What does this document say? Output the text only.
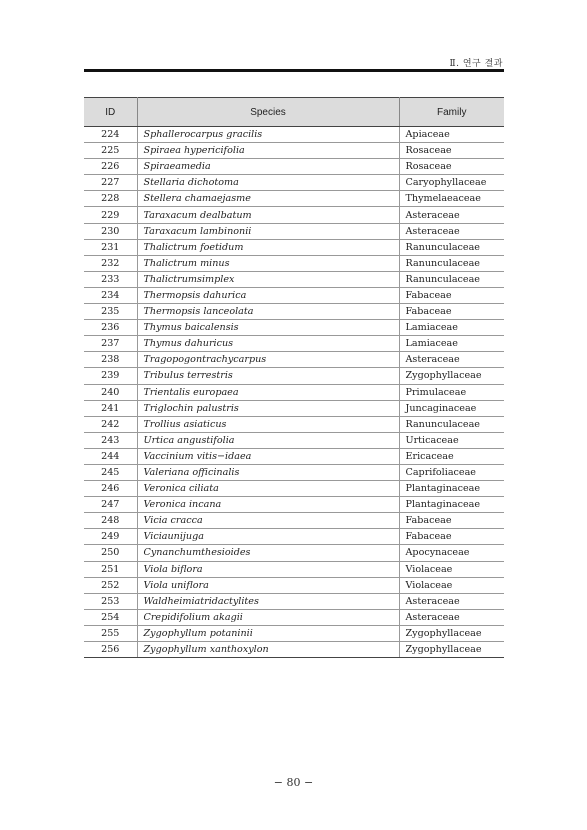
Ⅱ. 연구 결과
ID	Species	Family
224	Sphallerocarpus gracilis	Apiaceae
225	Spiraea hypericifolia	Rosaceae
226	Spiraeamedia	Rosaceae
227	Stellaria dichotoma	Caryophyllaceae
228	Stellera chamaejasme	Thymelaeaceae
229	Taraxacum dealbatum	Asteraceae
230	Taraxacum lambinonii	Asteraceae
231	Thalictrum foetidum	Ranunculaceae
232	Thalictrum minus	Ranunculaceae
233	Thalictrumsimplex	Ranunculaceae
234	Thermopsis dahurica	Fabaceae
235	Thermopsis lanceolata	Fabaceae
236	Thymus baicalensis	Lamiaceae
237	Thymus dahuricus	Lamiaceae
238	Tragopogontrachycarpus	Asteraceae
239	Tribulus terrestris	Zygophyllaceae
240	Trientalis europaea	Primulaceae
241	Triglochin palustris	Juncaginaceae
242	Trollius asiaticus	Ranunculaceae
243	Urtica angustifolia	Urticaceae
244	Vaccinium vitis−idaea	Ericaceae
245	Valeriana officinalis	Caprifoliaceae
246	Veronica ciliata	Plantaginaceae
247	Veronica incana	Plantaginaceae
248	Vicia cracca	Fabaceae
249	Viciaunijuga	Fabaceae
250	Cynanchumthesioides	Apocynaceae
251	Viola biflora	Violaceae
252	Viola uniflora	Violaceae
253	Waldheimiatridactylites	Asteraceae
254	Crepidifolium akagii	Asteraceae
255	Zygophyllum potaninii	Zygophyllaceae
256	Zygophyllum xanthoxylon	Zygophyllaceae
− 80 −
